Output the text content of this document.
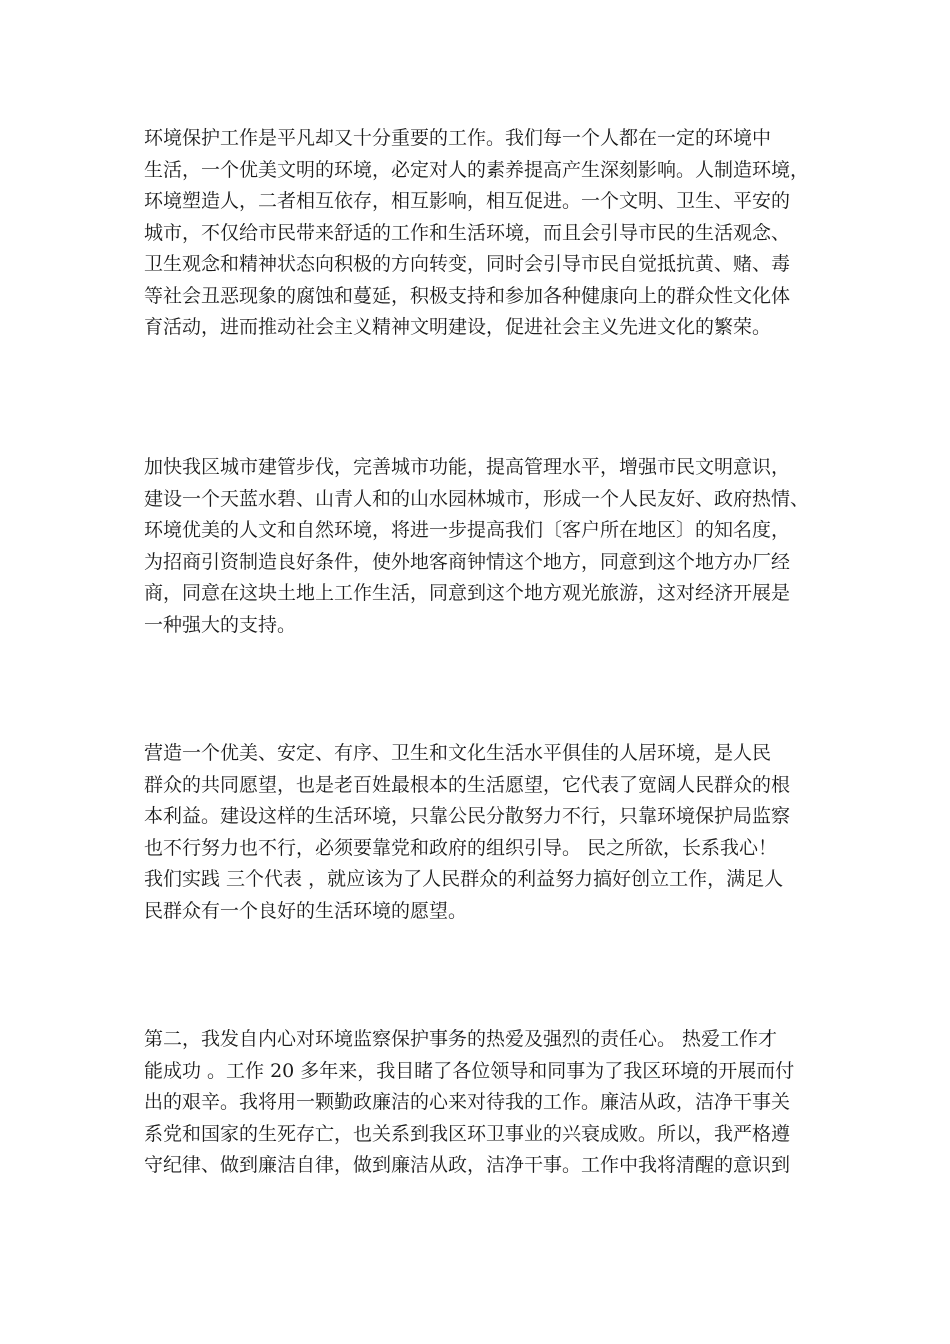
环境保护工作是平凡却又十分重要的工作。我们每一个人都在一定的环境中
生活，一个优美文明的环境，必定对人的素养提高产生深刻影响。人制造环境，
环境塑造人，二者相互依存，相互影响，相互促进。一个文明、卫生、平安的
城市，不仅给市民带来舒适的工作和生活环境，而且会引导市民的生活观念、
卫生观念和精神状态向积极的方向转变，同时会引导市民自觉抵抗黄、赌、毒
等社会丑恶现象的腐蚀和蔓延，积极支持和参加各种健康向上的群众性文化体
育活动，进而推动社会主义精神文明建设，促进社会主义先进文化的繁荣。
加快我区城市建管步伐，完善城市功能，提高管理水平，增强市民文明意识，
建设一个天蓝水碧、山青人和的山水园林城市，形成一个人民友好、政府热情、
环境优美的人文和自然环境，将进一步提高我们〔客户所在地区〕的知名度，
为招商引资制造良好条件，使外地客商钟情这个地方，同意到这个地方办厂经
商，同意在这块土地上工作生活，同意到这个地方观光旅游，这对经济开展是
一种强大的支持。
营造一个优美、安定、有序、卫生和文化生活水平俱佳的人居环境，是人民
群众的共同愿望，也是老百姓最根本的生活愿望，它代表了宽阔人民群众的根
本利益。建设这样的生活环境，只靠公民分散努力不行，只靠环境保护局监察
也不行努力也不行，必须要靠党和政府的组织引导。 民之所欲，长系我心！
我们实践 三个代表 ，就应该为了人民群众的利益努力搞好创立工作，满足人
民群众有一个良好的生活环境的愿望。
第二，我发自内心对环境监察保护事务的热爱及强烈的责任心。 热爱工作才
能成功 。工作 20 多年来，我目睹了各位领导和同事为了我区环境的开展而付
出的艰辛。我将用一颗勤政廉洁的心来对待我的工作。廉洁从政，洁净干事关
系党和国家的生死存亡，也关系到我区环卫事业的兴衰成败。所以，我严格遵
守纪律、做到廉洁自律，做到廉洁从政，洁净干事。工作中我将清醒的意识到
